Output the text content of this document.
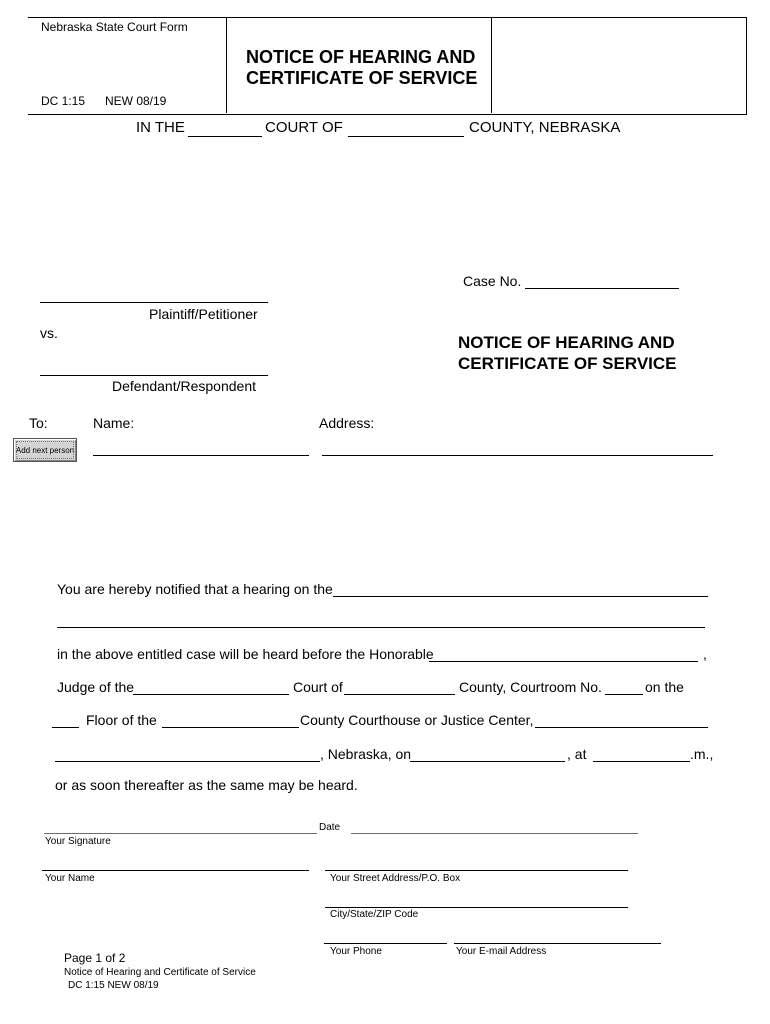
Nebraska State Court Form
DC 1:15 NEW 08/19
NOTICE OF HEARING AND
CERTIFICATE OF SERVICE
IN THE	COURT OF	COUNTY, NEBRASKA
Case No.
Plaintiff/Petitioner
vs.
Defendant/Respondent
NOTICE OF HEARING AND
CERTIFICATE OF SERVICE
To:	Name:	Address:
Add next person
You are hereby notified that a hearing on the
in the above entitled case will be heard before the Honorable	,
Judge of the	Court of	County, Courtroom No.	on the
Floor of the	County Courthouse or Justice Center,
, Nebraska, on	, at	.m.,
or as soon thereafter as the same may be heard.
Date
Your Signature
Your Name	Your Street Address/P.O. Box
City/State/ZIP Code
Your Phone	Your E-mail Address
Page 1 of 2
Notice of Hearing and Certificate of Service
DC 1:15 NEW 08/19
